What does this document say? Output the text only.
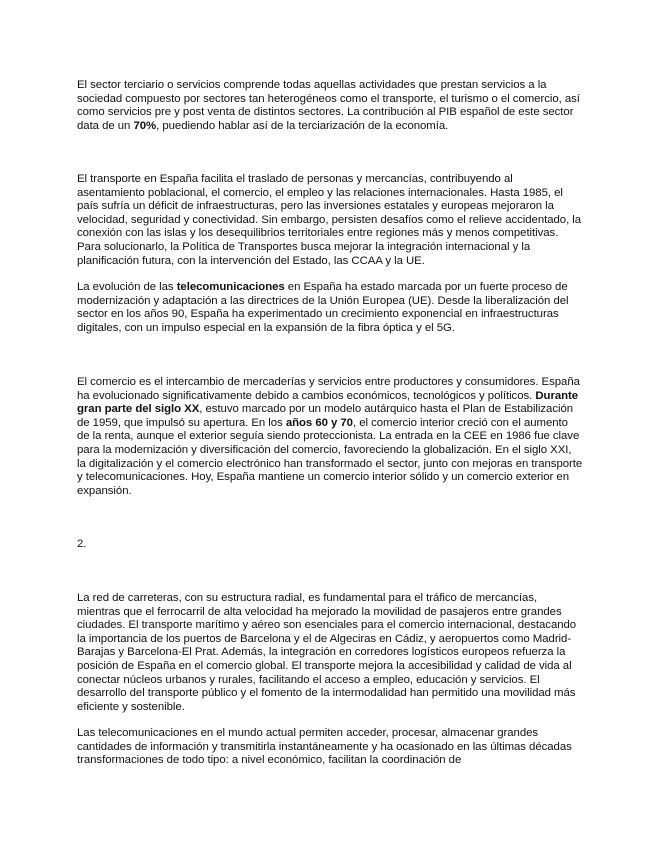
El sector terciario o servicios comprende todas aquellas actividades que prestan servicios a la sociedad compuesto por sectores tan heterogéneos como el transporte, el turismo o el comercio, así como servicios pre y post venta de distintos sectores. La contribución al PIB español de este sector data de un 70%, puediendo hablar así de la terciarización de la economía.

El transporte en España facilita el traslado de personas y mercancías, contribuyendo al asentamiento poblacional, el comercio, el empleo y las relaciones internacionales. Hasta 1985, el país sufría un déficit de infraestructuras, pero las inversiones estatales y europeas mejoraron la velocidad, seguridad y conectividad. Sin embargo, persisten desafíos como el relieve accidentado, la conexión con las islas y los desequilibrios territoriales entre regiones más y menos competitivas. Para solucionarlo, la Política de Transportes busca mejorar la integración internacional y la planificación futura, con la intervención del Estado, las CCAA y la UE.

La evolución de las telecomunicaciones en España ha estado marcada por un fuerte proceso de modernización y adaptación a las directrices de la Unión Europea (UE). Desde la liberalización del sector en los años 90, España ha experimentado un crecimiento exponencial en infraestructuras digitales, con un impulso especial en la expansión de la fibra óptica y el 5G.

El comercio es el intercambio de mercaderías y servicios entre productores y consumidores. España ha evolucionado significativamente debido a cambios económicos, tecnológicos y políticos. Durante gran parte del siglo XX, estuvo marcado por un modelo autárquico hasta el Plan de Estabilización de 1959, que impulsó su apertura. En los años 60 y 70, el comercio interior creció con el aumento de la renta, aunque el exterior seguía siendo proteccionista. La entrada en la CEE en 1986 fue clave para la modernización y diversificación del comercio, favoreciendo la globalización. En el siglo XXI, la digitalización y el comercio electrónico han transformado el sector, junto con mejoras en transporte y telecomunicaciones. Hoy, España mantiene un comercio interior sólido y un comercio exterior en expansión.

2.

La red de carreteras, con su estructura radial, es fundamental para el tráfico de mercancías, mientras que el ferrocarril de alta velocidad ha mejorado la movilidad de pasajeros entre grandes ciudades. El transporte marítimo y aéreo son esenciales para el comercio internacional, destacando la importancia de los puertos de Barcelona y el de Algeciras en Cádiz, y aeropuertos como Madrid-Barajas y Barcelona-El Prat. Además, la integración en corredores logísticos europeos refuerza la posición de España en el comercio global. El transporte mejora la accesibilidad y calidad de vida al conectar núcleos urbanos y rurales, facilitando el acceso a empleo, educación y servicios. El desarrollo del transporte público y el fomento de la intermodalidad han permitido una movilidad más eficiente y sostenible.

Las telecomunicaciones en el mundo actual permiten acceder, procesar, almacenar grandes cantidades de información y transmitirla instantáneamente y ha ocasionado en las últimas décadas transformaciones de todo tipo: a nivel económico, facilitan la coordinación de
